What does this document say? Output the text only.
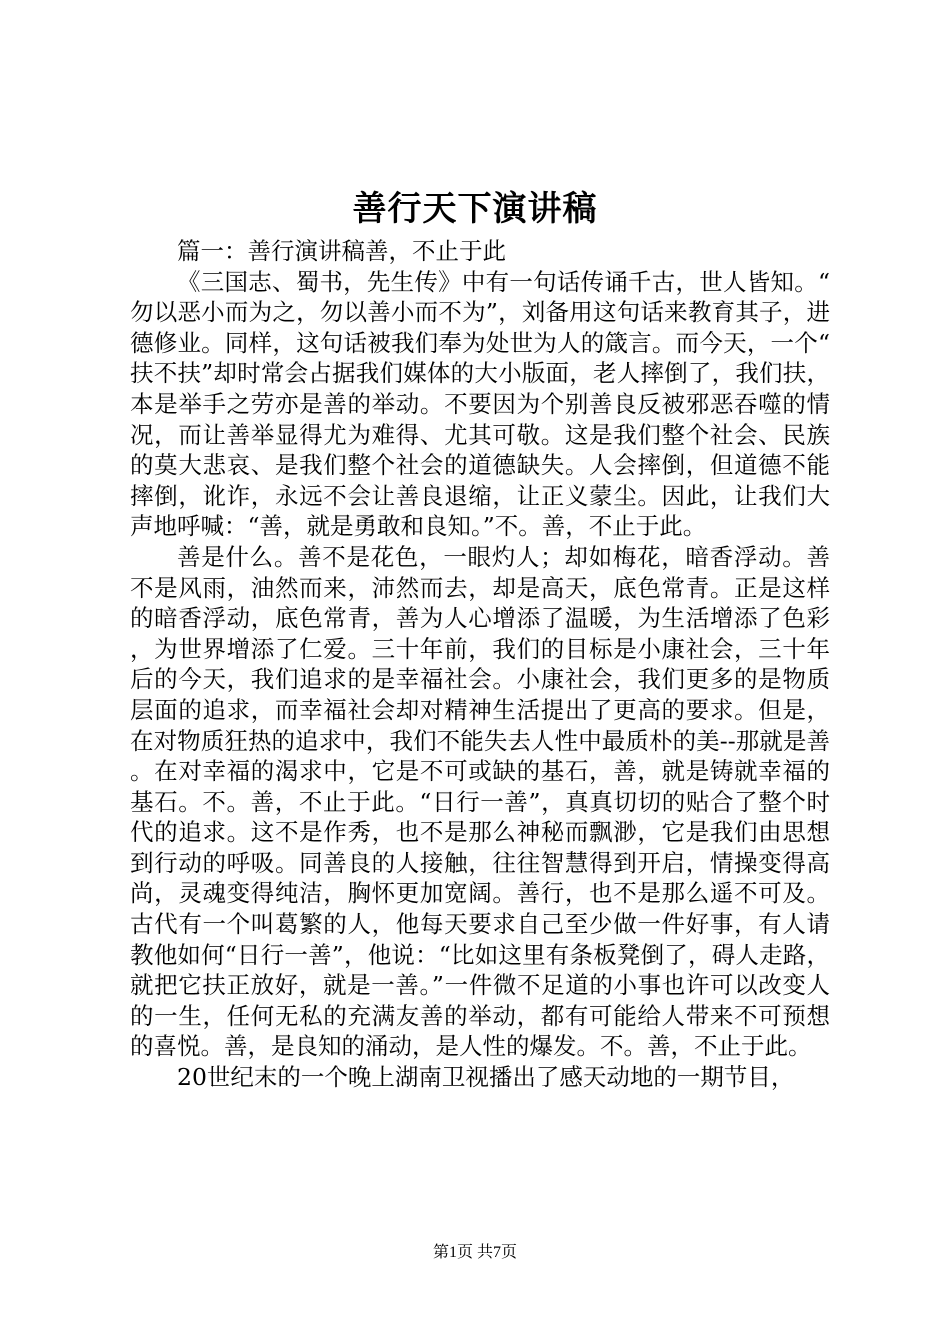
善行天下演讲稿

篇一：善行演讲稿善，不止于此

《三国志、蜀书，先生传》中有一句话传诵千古，世人皆知。“勿以恶小而为之，勿以善小而不为”，刘备用这句话来教育其子，进德修业。同样，这句话被我们奉为处世为人的箴言。而今天，一个“扶不扶”却时常会占据我们媒体的大小版面，老人摔倒了，我们扶，本是举手之劳亦是善的举动。不要因为个别善良反被邪恶吞噬的情况，而让善举显得尤为难得、尤其可敬。这是我们整个社会、民族的莫大悲哀、是我们整个社会的道德缺失。人会摔倒，但道德不能摔倒，讹诈，永远不会让善良退缩，让正义蒙尘。因此，让我们大声地呼喊：“善，就是勇敢和良知。”不。善，不止于此。

善是什么。善不是花色，一眼灼人；却如梅花，暗香浮动。善不是风雨，油然而来，沛然而去，却是高天，底色常青。正是这样的暗香浮动，底色常青，善为人心增添了温暖，为生活增添了色彩，为世界增添了仁爱。三十年前，我们的目标是小康社会，三十年后的今天，我们追求的是幸福社会。小康社会，我们更多的是物质层面的追求，而幸福社会却对精神生活提出了更高的要求。但是，在对物质狂热的追求中，我们不能失去人性中最质朴的美--那就是善。在对幸福的渴求中，它是不可或缺的基石，善，就是铸就幸福的基石。不。善，不止于此。“日行一善”，真真切切的贴合了整个时代的追求。这不是作秀，也不是那么神秘而飘渺，它是我们由思想到行动的呼吸。同善良的人接触，往往智慧得到开启，情操变得高尚，灵魂变得纯洁，胸怀更加宽阔。善行，也不是那么遥不可及。古代有一个叫葛繁的人，他每天要求自己至少做一件好事，有人请教他如何“日行一善”，他说：“比如这里有条板凳倒了，碍人走路，就把它扶正放好，就是一善。”一件微不足道的小事也许可以改变人的一生，任何无私的充满友善的举动，都有可能给人带来不可预想的喜悦。善，是良知的涌动，是人性的爆发。不。善，不止于此。

20世纪末的一个晚上湖南卫视播出了感天动地的一期节目，

第1页 共7页
